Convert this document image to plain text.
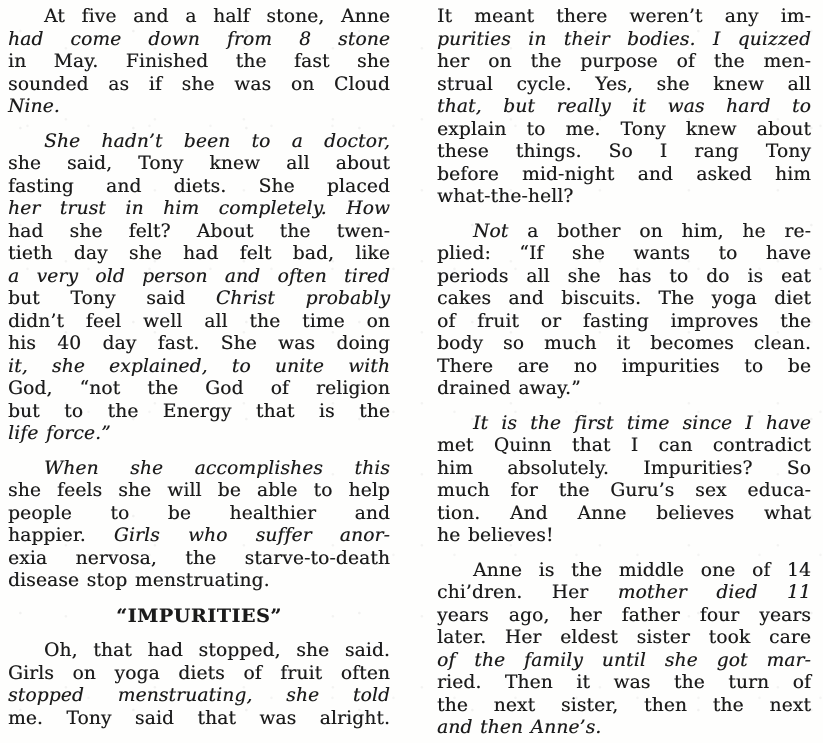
At five and a half stone, Anne
had come down from 8 stone
in May. Finished the fast she
sounded as if she was on Cloud
Nine.
She hadn’t been to a doctor,
she said, Tony knew all about
fasting and diets. She placed
her trust in him completely. How
had she felt? About the twen-
tieth day she had felt bad, like
a very old person and often tired
but Tony said Christ probably
didn’t feel well all the time on
his 40 day fast. She was doing
it, she explained, to unite with
God, “not the God of religion
but to the Energy that is the
life force.”
When she accomplishes this
she feels she will be able to help
people to be healthier and
happier. Girls who suffer anor-
exia nervosa, the starve-to-death
disease stop menstruating.
“IMPURITIES”
Oh, that had stopped, she said.
Girls on yoga diets of fruit often
stopped menstruating, she told
me. Tony said that was alright.
It meant there weren’t any im-
purities in their bodies. I quizzed
her on the purpose of the men-
strual cycle. Yes, she knew all
that, but really it was hard to
explain to me. Tony knew about
these things. So I rang Tony
before mid-night and asked him
what-the-hell?
Not a bother on him, he re-
plied: “If she wants to have
periods all she has to do is eat
cakes and biscuits. The yoga diet
of fruit or fasting improves the
body so much it becomes clean.
There are no impurities to be
drained away.”
It is the first time since I have
met Quinn that I can contradict
him absolutely. Impurities? So
much for the Guru’s sex educa-
tion. And Anne believes what
he believes!
Anne is the middle one of 14
chi’dren. Her mother died 11
years ago, her father four years
later. Her eldest sister took care
of the family until she got mar-
ried. Then it was the turn of
the next sister, then the next
and then Anne’s.
